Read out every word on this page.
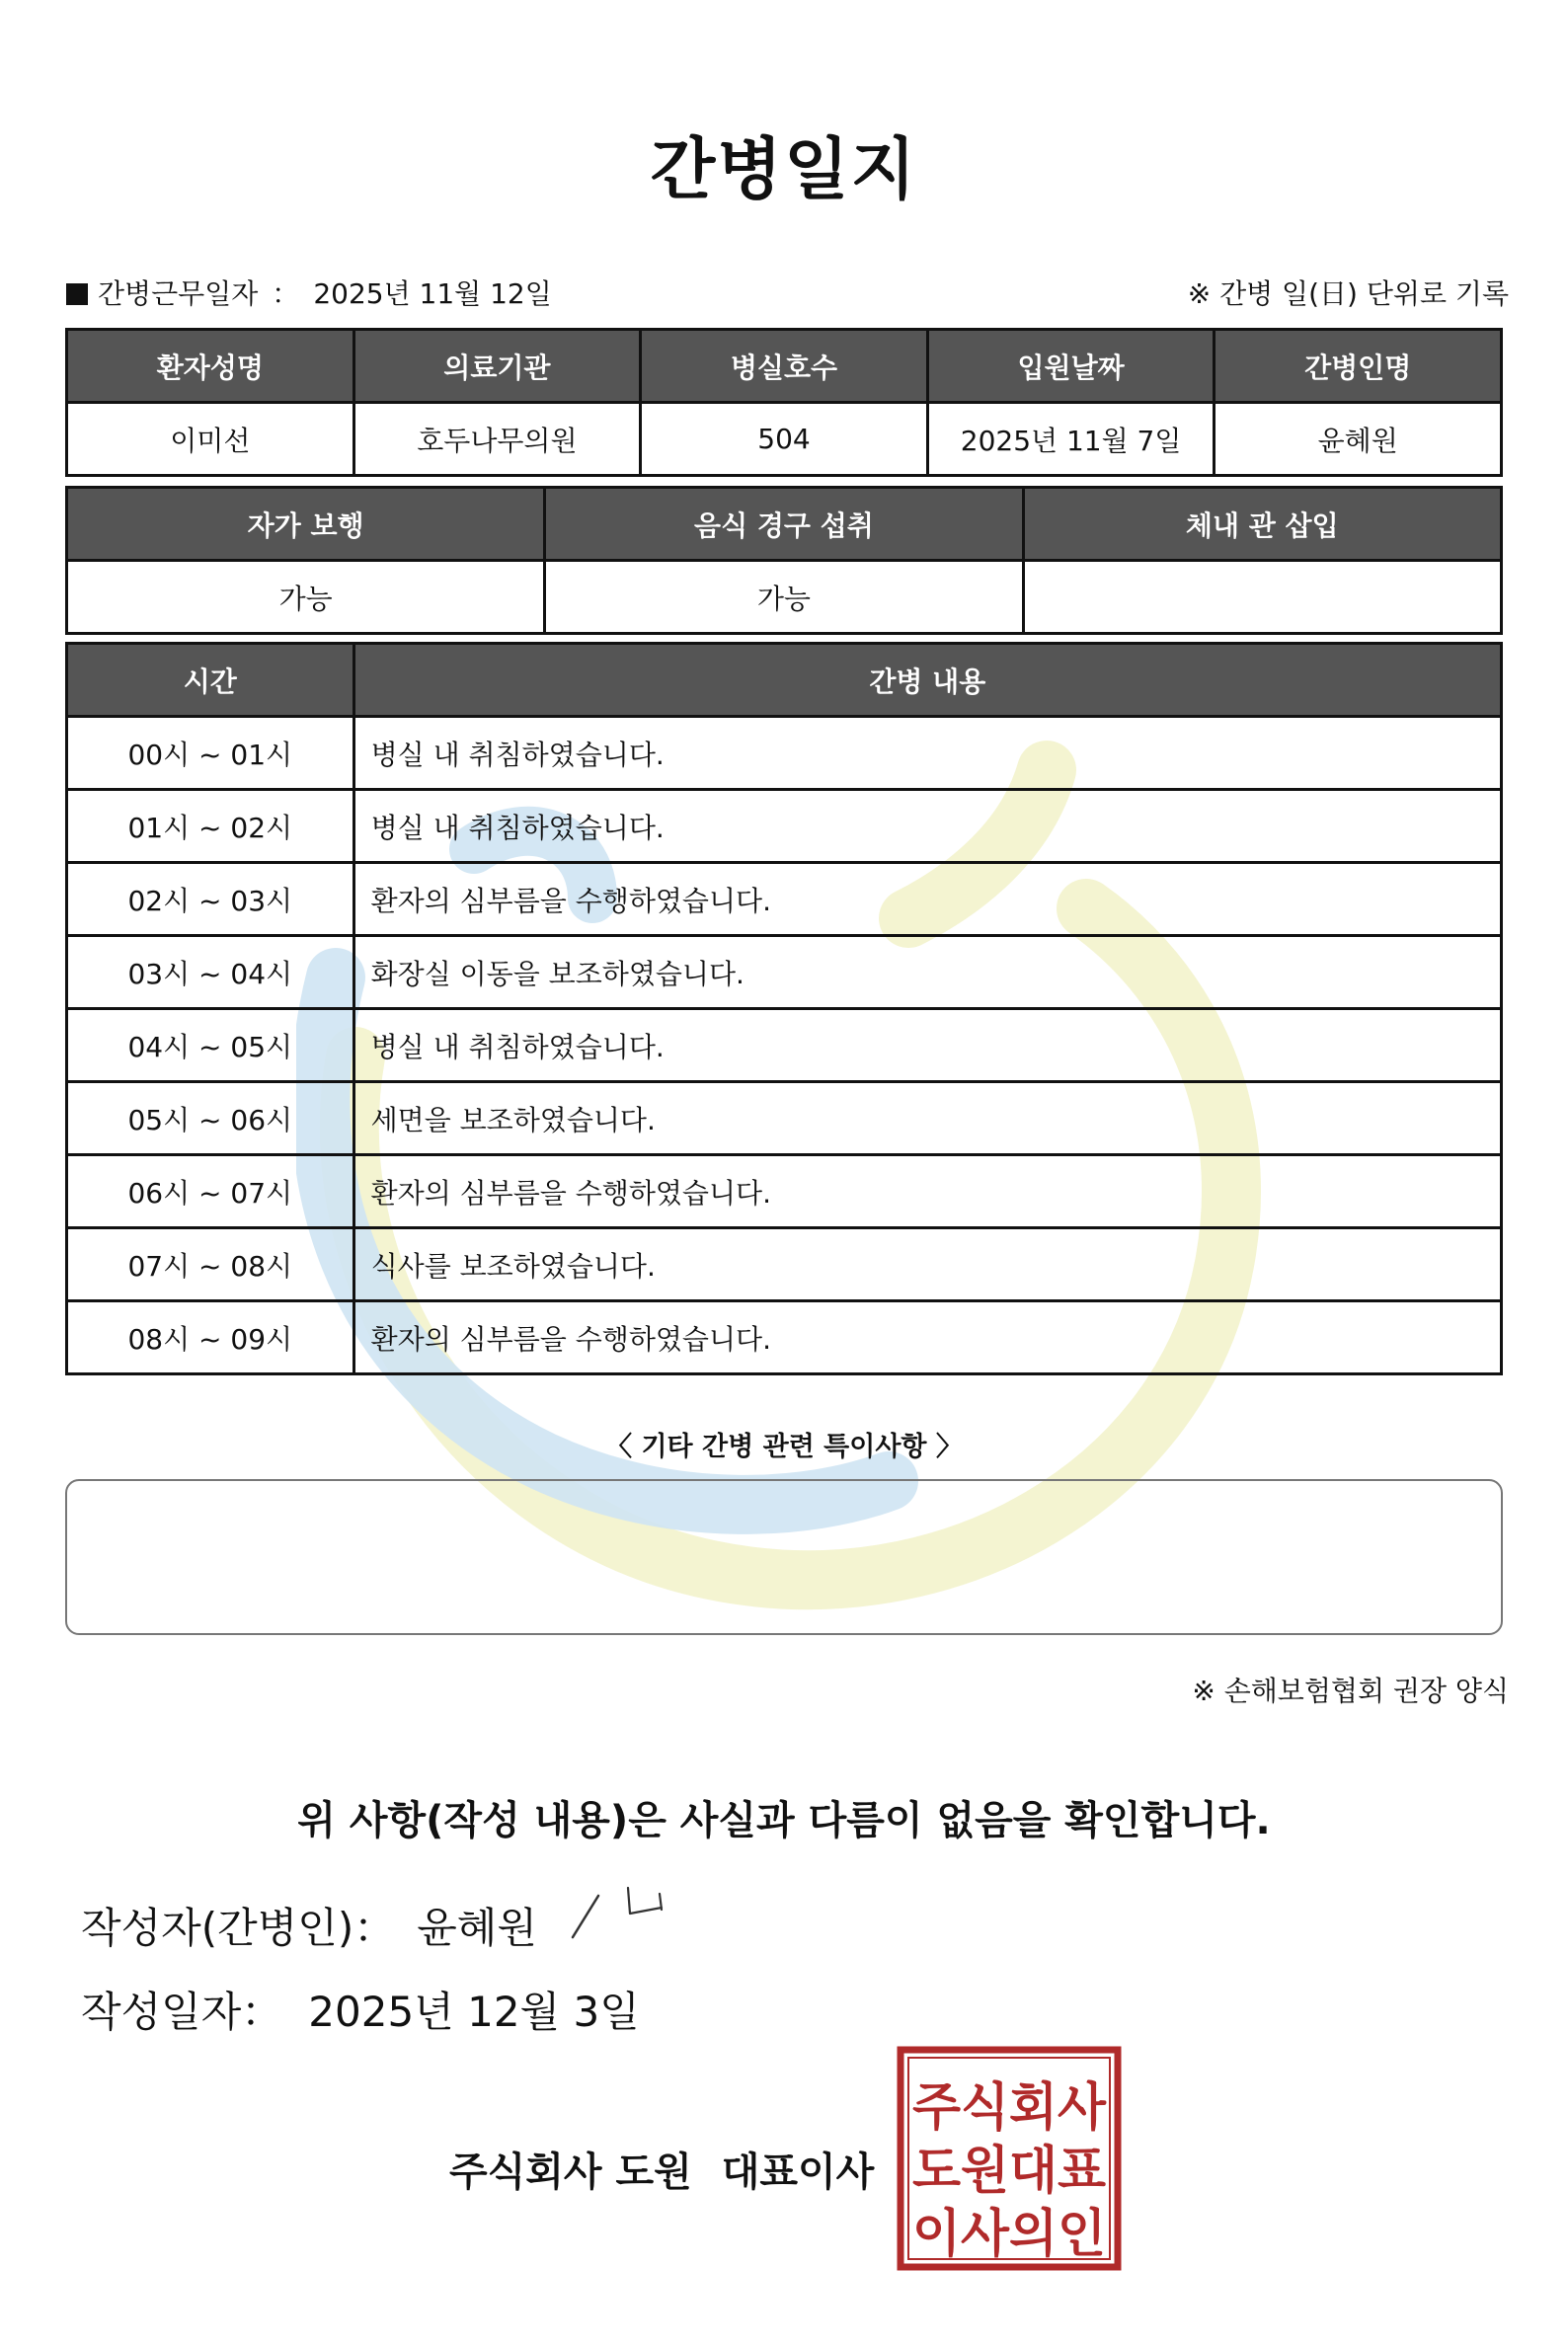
간병일지
간병근무일자 ： 2025년 11월 12일	※ 간병 일(日) 단위로 기록
환자성명	의료기관	병실호수	입원날짜	간병인명
이미선	호두나무의원	504	2025년 11월 7일	윤혜원
자가 보행	음식 경구 섭취	체내 관 삽입
가능	가능	
시간	간병 내용
00시 ~ 01시	병실 내 취침하였습니다.
01시 ~ 02시	병실 내 취침하였습니다.
02시 ~ 03시	환자의 심부름을 수행하였습니다.
03시 ~ 04시	화장실 이동을 보조하였습니다.
04시 ~ 05시	병실 내 취침하였습니다.
05시 ~ 06시	세면을 보조하였습니다.
06시 ~ 07시	환자의 심부름을 수행하였습니다.
07시 ~ 08시	식사를 보조하였습니다.
08시 ~ 09시	환자의 심부름을 수행하였습니다.
〈 기타 간병 관련 특이사항 〉
※ 손해보험협회 권장 양식
위 사항(작성 내용)은 사실과 다름이 없음을 확인합니다.
작성자(간병인)： 윤혜원
작성일자： 2025년 12월 3일
주식회사 도원 대표이사
주식회사
도원대표
이사의인
